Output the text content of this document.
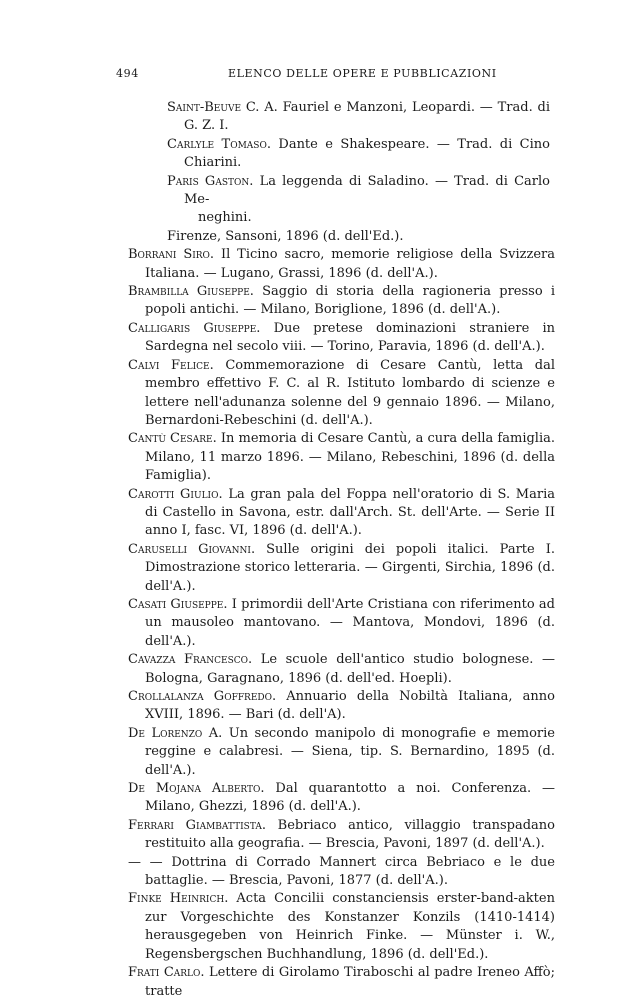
494	ELENCO DELLE OPERE E PUBBLICAZIONI
Saint-Beuve C. A. Fauriel e Manzoni, Leopardi. — Trad. di G. Z. I.
Carlyle Tomaso. Dante e Shakespeare. — Trad. di Cino Chiarini.
Paris Gaston. La leggenda di Saladino. — Trad. di Carlo Me-
neghini.
Firenze, Sansoni, 1896 (d. dell'Ed.).
Borrani Siro. Il Ticino sacro, memorie religiose della Svizzera Italiana. — Lugano, Grassi, 1896 (d. dell'A.).
Brambilla Giuseppe. Saggio di storia della ragioneria presso i popoli antichi. — Milano, Boriglione, 1896 (d. dell'A.).
Calligaris Giuseppe. Due pretese dominazioni straniere in Sardegna nel secolo viii. — Torino, Paravia, 1896 (d. dell'A.).
Calvi Felice. Commemorazione di Cesare Cantù, letta dal membro effettivo F. C. al R. Istituto lombardo di scienze e lettere nell'adunanza solenne del 9 gennaio 1896. — Milano, Bernardoni-Rebeschini (d. dell'A.).
Cantù Cesare. In memoria di Cesare Cantù, a cura della famiglia. Milano, 11 marzo 1896. — Milano, Rebeschini, 1896 (d. della Famiglia).
Carotti Giulio. La gran pala del Foppa nell'oratorio di S. Maria di Castello in Savona, estr. dall'Arch. St. dell'Arte. — Serie II anno I, fasc. VI, 1896 (d. dell'A.).
Caruselli Giovanni. Sulle origini dei popoli italici. Parte I. Dimostrazione storico letteraria. — Girgenti, Sirchia, 1896 (d. dell'A.).
Casati Giuseppe. I primordii dell'Arte Cristiana con riferimento ad un mausoleo mantovano. — Mantova, Mondovi, 1896 (d. dell'A.).
Cavazza Francesco. Le scuole dell'antico studio bolognese. — Bologna, Garagnano, 1896 (d. dell'ed. Hoepli).
Crollalanza Goffredo. Annuario della Nobiltà Italiana, anno XVIII, 1896. — Bari (d. dell'A).
De Lorenzo A. Un secondo manipolo di monografie e memorie reggine e calabresi. — Siena, tip. S. Bernardino, 1895 (d. dell'A.).
De Mojana Alberto. Dal quarantotto a noi. Conferenza. — Milano, Ghezzi, 1896 (d. dell'A.).
Ferrari Giambattista. Bebriaco antico, villaggio transpadano restituito alla geografia. — Brescia, Pavoni, 1897 (d. dell'A.).
— — Dottrina di Corrado Mannert circa Bebriaco e le due battaglie. — Brescia, Pavoni, 1877 (d. dell'A.).
Finke Heinrich. Acta Concilii constanciensis erster-band-akten zur Vorgeschichte des Konstanzer Konzils (1410-1414) herausgegeben von Heinrich Finke. — Münster i. W., Regensbergschen Buchhandlung, 1896 (d. dell'Ed.).
Frati Carlo. Lettere di Girolamo Tiraboschi al padre Ireneo Affò; tratte
